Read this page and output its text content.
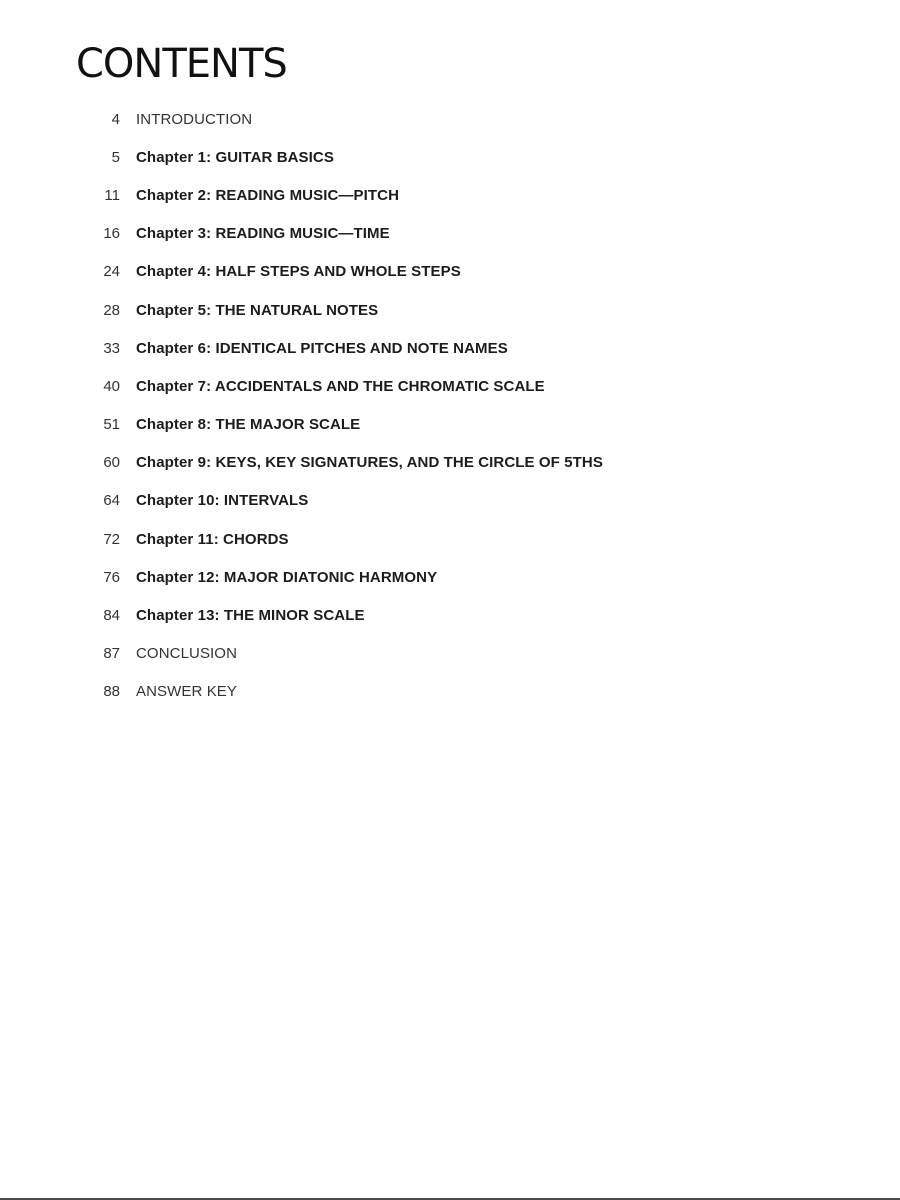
CONTENTS
4 INTRODUCTION
5 Chapter 1: GUITAR BASICS
11 Chapter 2: READING MUSIC—PITCH
16 Chapter 3: READING MUSIC—TIME
24 Chapter 4: HALF STEPS AND WHOLE STEPS
28 Chapter 5: THE NATURAL NOTES
33 Chapter 6: IDENTICAL PITCHES AND NOTE NAMES
40 Chapter 7: ACCIDENTALS AND THE CHROMATIC SCALE
51 Chapter 8: THE MAJOR SCALE
60 Chapter 9: KEYS, KEY SIGNATURES, AND THE CIRCLE OF 5THS
64 Chapter 10: INTERVALS
72 Chapter 11: CHORDS
76 Chapter 12: MAJOR DIATONIC HARMONY
84 Chapter 13: THE MINOR SCALE
87 CONCLUSION
88 ANSWER KEY
